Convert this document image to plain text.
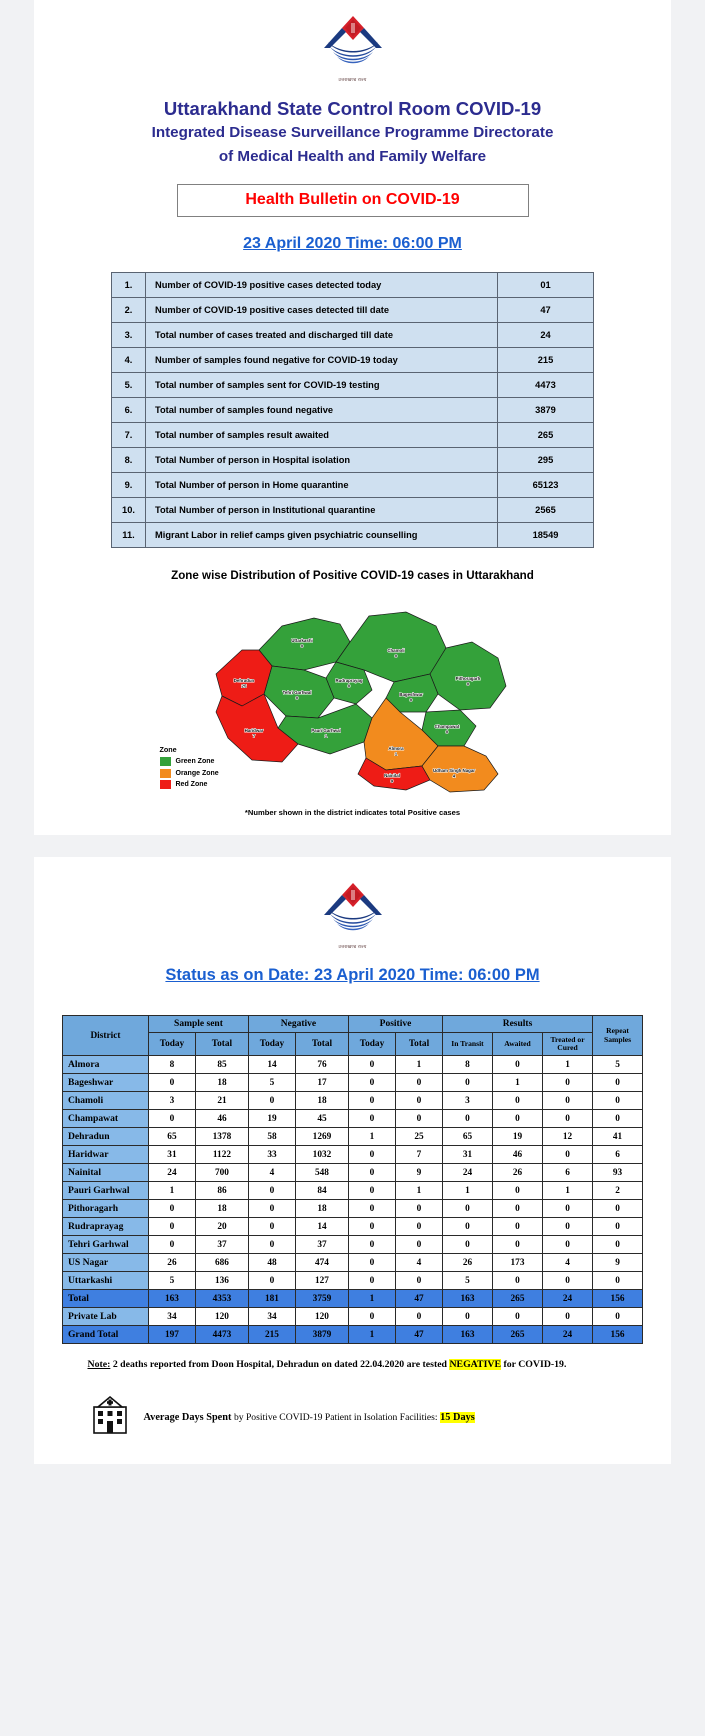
उत्तराखण्ड राज्य
Uttarakhand State Control Room COVID-19
Integrated Disease Surveillance Programme Directorate
of Medical Health and Family Welfare
Health Bulletin on COVID-19
23 April 2020 Time: 06:00 PM
1.	Number of COVID-19 positive cases detected today	01
2.	Number of COVID-19 positive cases detected till date	47
3.	Total number of cases treated and discharged till date	24
4.	Number of samples found negative for COVID-19 today	215
5.	Total number of samples sent for COVID-19 testing	4473
6.	Total number of samples found negative	3879
7.	Total number of samples result awaited	265
8.	Total Number of person in Hospital isolation	295
9.	Total Number of person in Home quarantine	65123
10.	Total Number of person in Institutional quarantine	2565
11.	Migrant Labor in relief camps given psychiatric counselling	18549
Zone wise Distribution of Positive COVID-19 cases in Uttarakhand
Uttarkashi
0
Chamoli
0
Rudraprayag
0
Tehri Garhwal
0
Dehradun
25
Pauri Garhwal
1
Haridwar
7
Bageshwar
0
Pithoragarh
0
Almora
1
Nainital
9
Champawat
0
Udham Singh Nagar
4
Zone
Green Zone
Orange Zone
Red Zone
*Number shown in the district indicates total Positive cases
उत्तराखण्ड राज्य
Status as on Date: 23 April 2020 Time: 06:00 PM
District	Sample sent		Negative		Positive		Results			Repeat Samples
	Today	Total	Today	Total	Today	Total	In Transit	Awaited	Treated or Cured	
Almora	8	85	14	76	0	1	8	0	1	5
Bageshwar	0	18	5	17	0	0	0	1	0	0
Chamoli	3	21	0	18	0	0	3	0	0	0
Champawat	0	46	19	45	0	0	0	0	0	0
Dehradun	65	1378	58	1269	1	25	65	19	12	41
Haridwar	31	1122	33	1032	0	7	31	46	0	6
Nainital	24	700	4	548	0	9	24	26	6	93
Pauri Garhwal	1	86	0	84	0	1	1	0	1	2
Pithoragarh	0	18	0	18	0	0	0	0	0	0
Rudraprayag	0	20	0	14	0	0	0	0	0	0
Tehri Garhwal	0	37	0	37	0	0	0	0	0	0
US Nagar	26	686	48	474	0	4	26	173	4	9
Uttarkashi	5	136	0	127	0	0	5	0	0	0
Total	163	4353	181	3759	1	47	163	265	24	156
Private Lab	34	120	34	120	0	0	0	0	0	0
Grand Total	197	4473	215	3879	1	47	163	265	24	156
Note: 2 deaths reported from Doon Hospital, Dehradun on dated 22.04.2020 are tested NEGATIVE for COVID-19.
Average Days Spent by Positive COVID-19 Patient in Isolation Facilities: 15 Days
